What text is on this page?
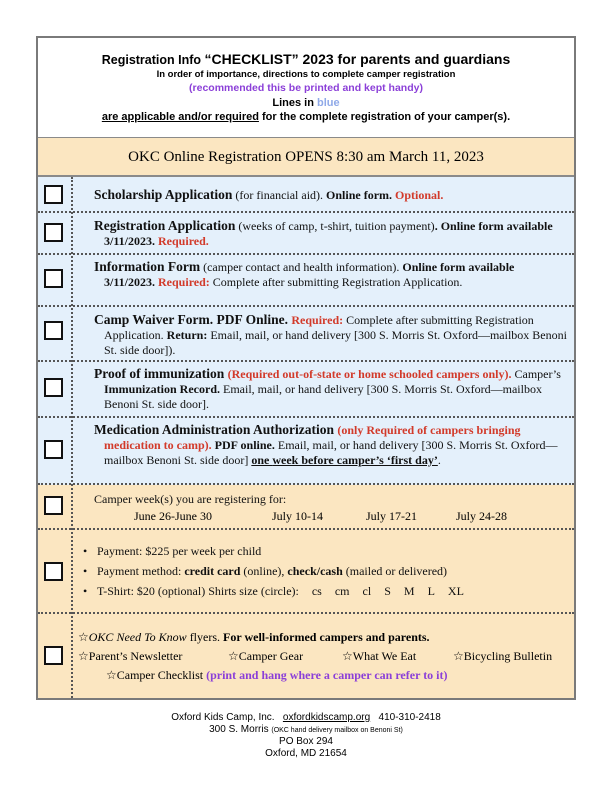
Registration Info “CHECKLIST” 2023 for parents and guardians
In order of importance, directions to complete camper registration
(recommended this be printed and kept handy)
Lines in blue
are applicable and/or required for the complete registration of your camper(s).
OKC Online Registration OPENS 8:30 am March 11, 2023
Scholarship Application (for financial aid). Online form. Optional.
Registration Application (weeks of camp, t-shirt, tuition payment). Online form available 3/11/2023. Required.
Information Form (camper contact and health information). Online form available 3/11/2023. Required: Complete after submitting Registration Application.
Camp Waiver Form. PDF Online. Required: Complete after submitting Registration Application. Return: Email, mail, or hand delivery [300 S. Morris St. Oxford—mailbox Benoni St. side door]).
Proof of immunization (Required out-of-state or home schooled campers only). Camper’s Immunization Record. Email, mail, or hand delivery [300 S. Morris St. Oxford—mailbox Benoni St. side door].
Medication Administration Authorization (only Required of campers bringing medication to camp). PDF online. Email, mail, or hand delivery [300 S. Morris St. Oxford—mailbox Benoni St. side door] one week before camper’s ‘first day’.
Camper week(s) you are registering for:
June 26-June 30	July 10-14	July 17-21	July 24-28
• Payment: $225 per week per child
• Payment method: credit card (online), check/cash (mailed or delivered)
• T-Shirt: $20 (optional) Shirts size (circle): cs cm cl S M L XL
☆OKC Need To Know flyers. For well-informed campers and parents.
☆Parent’s Newsletter	☆Camper Gear	☆What We Eat	☆Bicycling Bulletin
☆Camper Checklist (print and hang where a camper can refer to it)
Oxford Kids Camp, Inc. oxfordkidscamp.org 410-310-2418
300 S. Morris (OKC hand delivery mailbox on Benoni St)
PO Box 294
Oxford, MD 21654
